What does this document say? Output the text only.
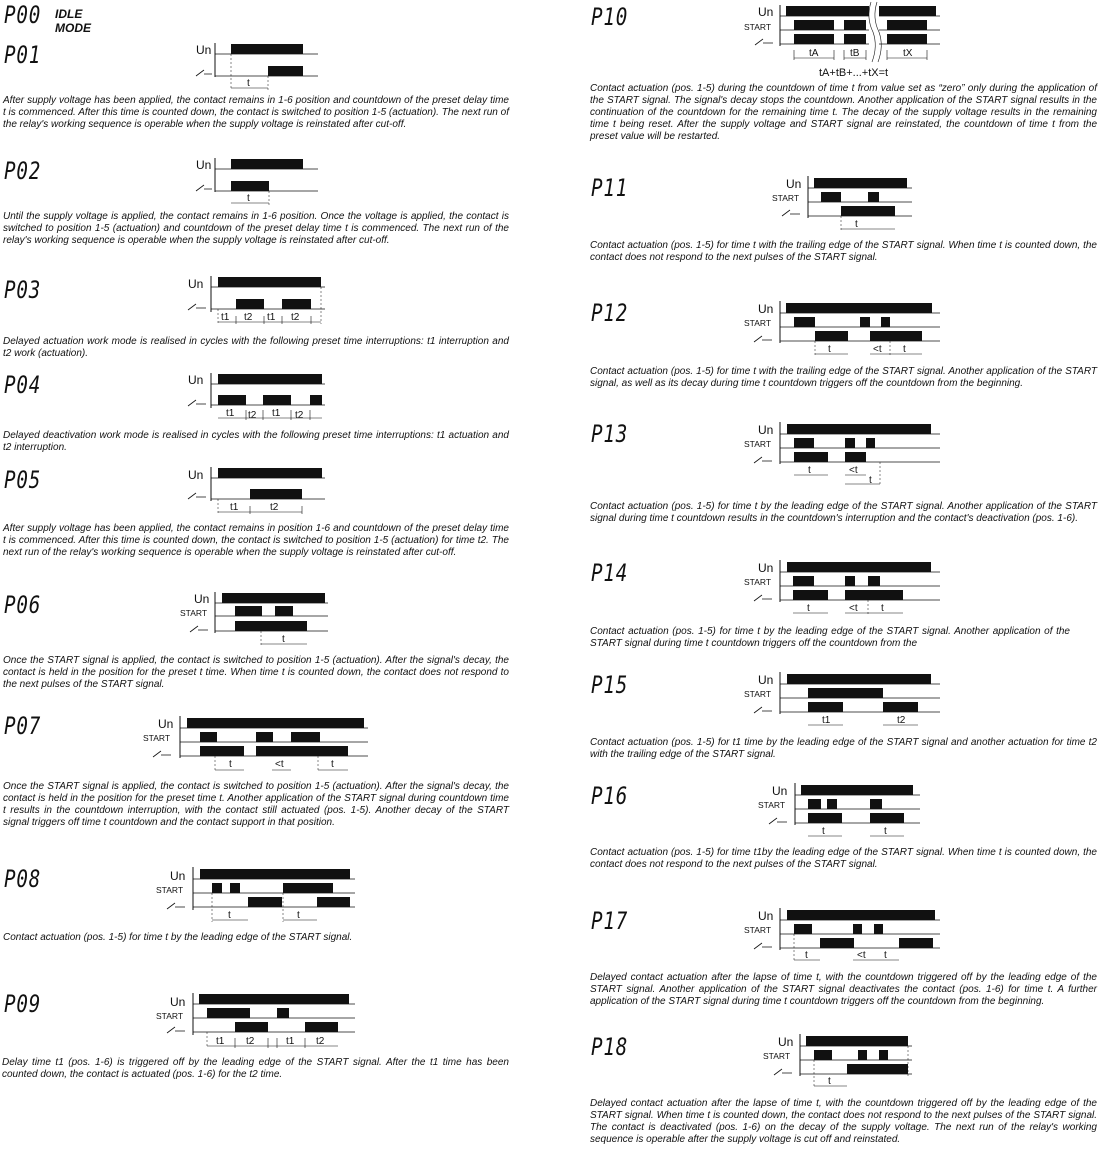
P00 IDLE MODE
P01	Un
t

After supply voltage has been applied, the contact remains in 1-6 position and countdown of the preset delay time t is commenced. After this time is counted down, the contact is switched to position 1-5 (actuation). The next run of the relay's working sequence is operable when the supply voltage is reinstated after cut-off.

P02	Un
t

Until the supply voltage is applied, the contact remains in 1-6 position. Once the voltage is applied, the contact is switched to position 1-5 (actuation) and countdown of the preset delay time t is commenced. The next run of the relay's working sequence is operable when the supply voltage is reinstated after cut-off.

P03	Un
t1 t2 t1 t2

Delayed actuation work mode is realised in cycles with the following preset time interruptions: t1 interruption and t2 work (actuation).

P04	Un
t1 t2 t1 t2

Delayed deactivation work mode is realised in cycles with the following preset time interruptions: t1 actuation and t2 interruption.

P05	Un
t1	t2

After supply voltage has been applied, the contact remains in position 1-6 and countdown of the preset delay time t is commenced. After this time is counted down, the contact is switched to position 1-5 (actuation) for time t2. The next run of the relay's working sequence is operable when the supply voltage is reinstated after cut-off.

P06	Un
START
t

Once the START signal is applied, the contact is switched to position 1-5 (actuation). After the signal's decay, the contact is held in the position for the preset t time. When time t is counted down, the contact does not respond to the next pulses of the START signal.

P07	Un
START
t	<t	t

Once the START signal is applied, the contact is switched to position 1-5 (actuation). After the signal's decay, the contact is held in the position for the preset time t. Another application of the START signal during countdown time t results in the countdown interruption, with the contact still actuated (pos. 1-5). Another decay of the START signal triggers off time t countdown and the contact support in that position.

P08	Un
START
t	t

Contact actuation (pos. 1-5) for time t by the leading edge of the START signal.

P09	Un
START
t1 t2	t1 t2

Delay time t1 (pos. 1-6) is triggered off by the leading edge of the START signal. After the t1 time has been counted down, the contact is actuated (pos. 1-6) for the t2 time.

P10	Un
START
tA	tB	tX
tA+tB+...+tX=t

Contact actuation (pos. 1-5) during the countdown of time t from value set as “zero” only during the application of the START signal. The signal's decay stops the countdown. Another application of the START signal results in the continuation of the countdown for the remaining time t. The decay of the supply voltage results in the remaining time t being reset. After the supply voltage and START signal are reinstated, the countdown of time t from the preset value will be restarted.

P11	Un
START
t

Contact actuation (pos. 1-5) for time t with the trailing edge of the START signal. When time t is counted down, the contact does not respond to the next pulses of the START signal.

P12	Un
START
t	<t t

Contact actuation (pos. 1-5) for time t with the trailing edge of the START signal. Another application of the START signal, as well as its decay during time t countdown triggers off the countdown from the beginning.

P13	Un
START
t	<t
t

Contact actuation (pos. 1-5) for time t by the leading edge of the START signal. Another application of the START signal during time t countdown results in the countdown's interruption and the contact's deactivation (pos. 1-6).

P14	Un
START
t	<t t

Contact actuation (pos. 1-5) for time t by the leading edge of the START signal. Another application of the START signal during time t countdown triggers off the countdown from the

P15	Un
START
t1	t2

Contact actuation (pos. 1-5) for t1 time by the leading edge of the START signal and another actuation for time t2 with the trailing edge of the START signal.

P16	Un
START
t	t

Contact actuation (pos. 1-5) for time t1by the leading edge of the START signal. When time t is counted down, the contact does not respond to the next pulses of the START signal.

P17	Un
START
t	<t t

Delayed contact actuation after the lapse of time t, with the countdown triggered off by the leading edge of the START signal. Another application of the START signal deactivates the contact (pos. 1-6) for time t. A further application of the START signal during time t countdown triggers off the countdown from the beginning.

P18	Un
START
t

Delayed contact actuation after the lapse of time t, with the countdown triggered off by the leading edge of the START signal. When time t is counted down, the contact does not respond to the next pulses of the START signal. The contact is deactivated (pos. 1-6) on the decay of the supply voltage. The next run of the relay's working sequence is operable after the supply voltage is cut off and reinstated.
